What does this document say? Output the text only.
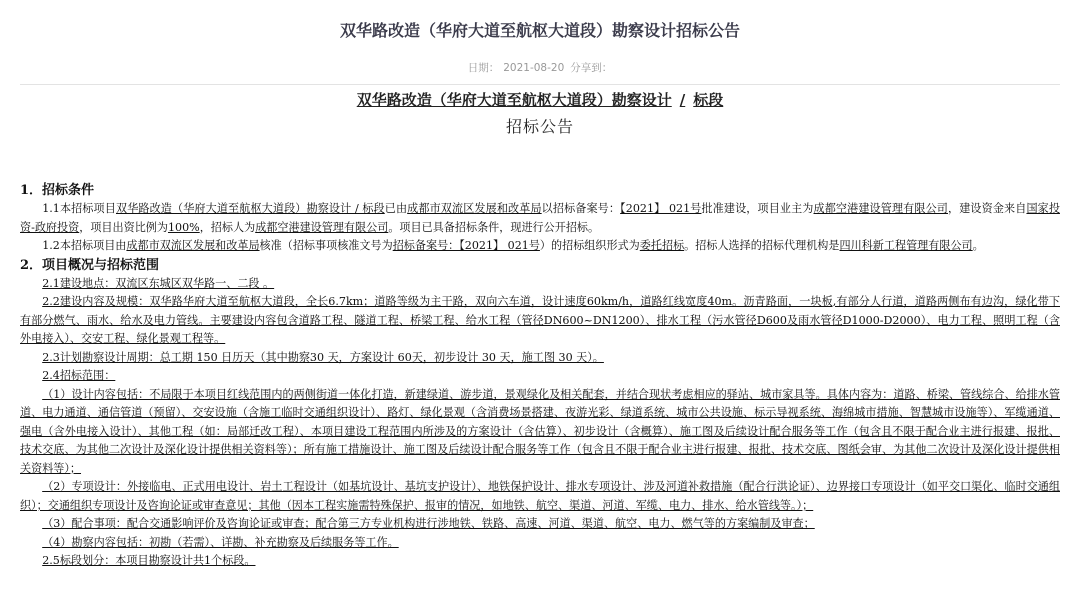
双华路改造（华府大道至航枢大道段）勘察设计招标公告
日期： 2021-08-20 分享到：
双华路改造（华府大道至航枢大道段）勘察设计 / 标段
招标公告

1．招标条件

1.1本招标项目双华路改造（华府大道至航枢大道段）勘察设计 / 标段已由成都市双流区发展和改革局以招标备案号：【2021】 021号批准建设，项目业主为成都空港建设管理有限公司，建设资金来自国家投资-政府投资，项目出资比例为100%，招标人为成都空港建设管理有限公司。项目已具备招标条件，现进行公开招标。

1.2本招标项目由成都市双流区发展和改革局核准（招标事项核准文号为招标备案号：【2021】 021号）的招标组织形式为委托招标。招标人选择的招标代理机构是四川科新工程管理有限公司。

2．项目概况与招标范围

2.1建设地点：双流区东城区双华路一、二段 。

2.2建设内容及规模：双华路华府大道至航枢大道段，全长6.7km；道路等级为主干路，双向六车道，设计速度60km/h，道路红线宽度40m。沥青路面，一块板,有部分人行道，道路两侧布有边沟，绿化带下有部分燃气、雨水、给水及电力管线。主要建设内容包含道路工程、隧道工程、桥梁工程、给水工程（管径DN600~DN1200）、排水工程（污水管径D600及雨水管径D1000-D2000）、电力工程、照明工程（含外电接入）、交安工程、绿化景观工程等。

2.3计划勘察设计周期：总工期 150 日历天（其中勘察30 天，方案设计 60天，初步设计 30 天，施工图 30 天）。

2.4招标范围：

（1）设计内容包括：不局限于本项目红线范围内的两侧街道一体化打造，新建绿道、游步道，景观绿化及相关配套，并结合现状考虑相应的驿站、城市家具等。具体内容为：道路、桥梁、管线综合、给排水管道、电力通道、通信管道（预留）、交安设施（含施工临时交通组织设计）、路灯、绿化景观（含消费场景搭建、夜游光彩、绿道系统、城市公共设施、标示导视系统、海绵城市措施、智慧城市设施等）、军缆通道、强电（含外电接入设计）、其他工程（如：局部迁改工程）、本项目建设工程范围内所涉及的方案设计（含估算）、初步设计（含概算）、施工图及后续设计配合服务等工作（包含且不限于配合业主进行报建、报批、技术交底、为其他二次设计及深化设计提供相关资料等）；所有施工措施设计、施工图及后续设计配合服务等工作（包含且不限于配合业主进行报建、报批、技术交底、图纸会审、为其他二次设计及深化设计提供相关资料等）；

（2）专项设计：外接临电、正式用电设计、岩土工程设计（如基坑设计、基坑支护设计）、地铁保护设计、排水专项设计、涉及河道补救措施（配合行洪论证）、边界接口专项设计（如平交口渠化、临时交通组织）；交通组织专项设计及咨询论证或审查意见；其他（因本工程实施需特殊保护、报审的情况，如地铁、航空、渠道、河道、军缆、电力、排水、给水管线等。）；

（3）配合事项：配合交通影响评价及咨询论证或审查；配合第三方专业机构进行涉地铁、铁路、高速、河道、渠道、航空、电力、燃气等的方案编制及审查；

（4）勘察内容包括：初勘（若需）、详勘、补充勘察及后续服务等工作。

2.5标段划分：本项目勘察设计共1个标段。
